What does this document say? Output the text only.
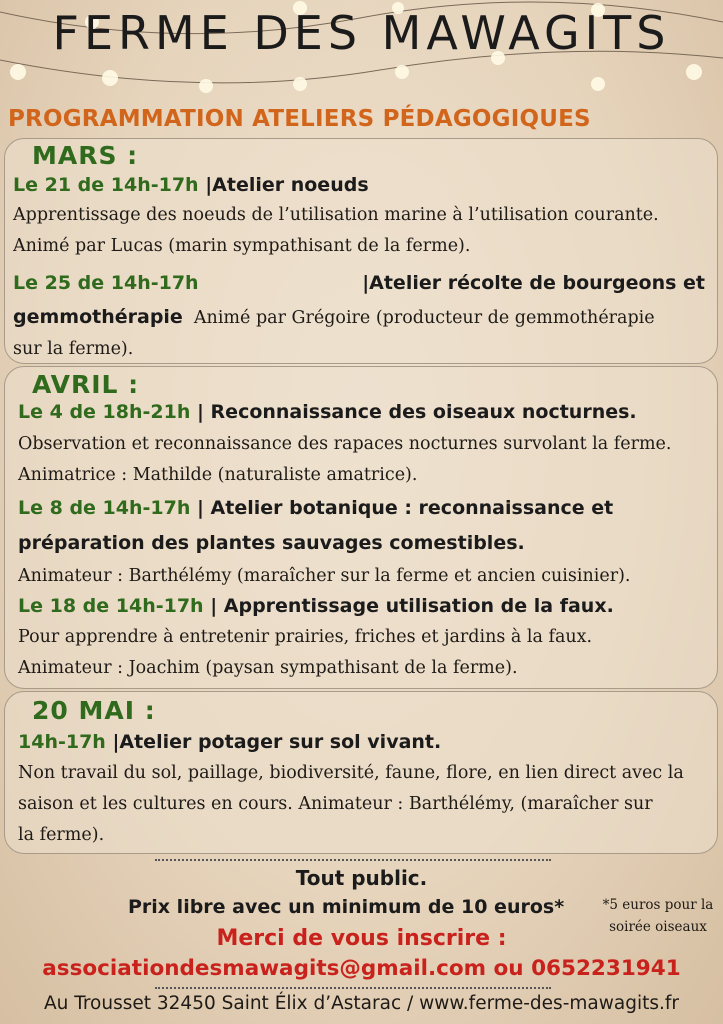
FERME DES MAWAGITS
PROGRAMMATION ATELIERS PÉDAGOGIQUES
MARS :
Le 21 de 14h-17h |Atelier noeuds
Apprentissage des noeuds de l’utilisation marine à l’utilisation courante.
Animé par Lucas (marin sympathisant de la ferme).
Le 25 de 14h-17h	|Atelier récolte de bourgeons et
gemmothérapie Animé par Grégoire (producteur de gemmothérapie
sur la ferme).
AVRIL :
Le 4 de 18h-21h | Reconnaissance des oiseaux nocturnes.
Observation et reconnaissance des rapaces nocturnes survolant la ferme.
Animatrice : Mathilde (naturaliste amatrice).
Le 8 de 14h-17h | Atelier botanique : reconnaissance et
préparation des plantes sauvages comestibles.
Animateur : Barthélémy (maraîcher sur la ferme et ancien cuisinier).
Le 18 de 14h-17h | Apprentissage utilisation de la faux.
Pour apprendre à entretenir prairies, friches et jardins à la faux.
Animateur : Joachim (paysan sympathisant de la ferme).
20 MAI :
14h-17h |Atelier potager sur sol vivant.
Non travail du sol, paillage, biodiversité, faune, flore, en lien direct avec la
saison et les cultures en cours. Animateur : Barthélémy, (maraîcher sur
la ferme).
Tout public.
Prix libre avec un minimum de 10 euros*	*5 euros pour la
soirée oiseaux
Merci de vous inscrire :
associationdesmawagits@gmail.com ou 0652231941
Au Trousset 32450 Saint Élix d’Astarac / www.ferme-des-mawagits.fr
